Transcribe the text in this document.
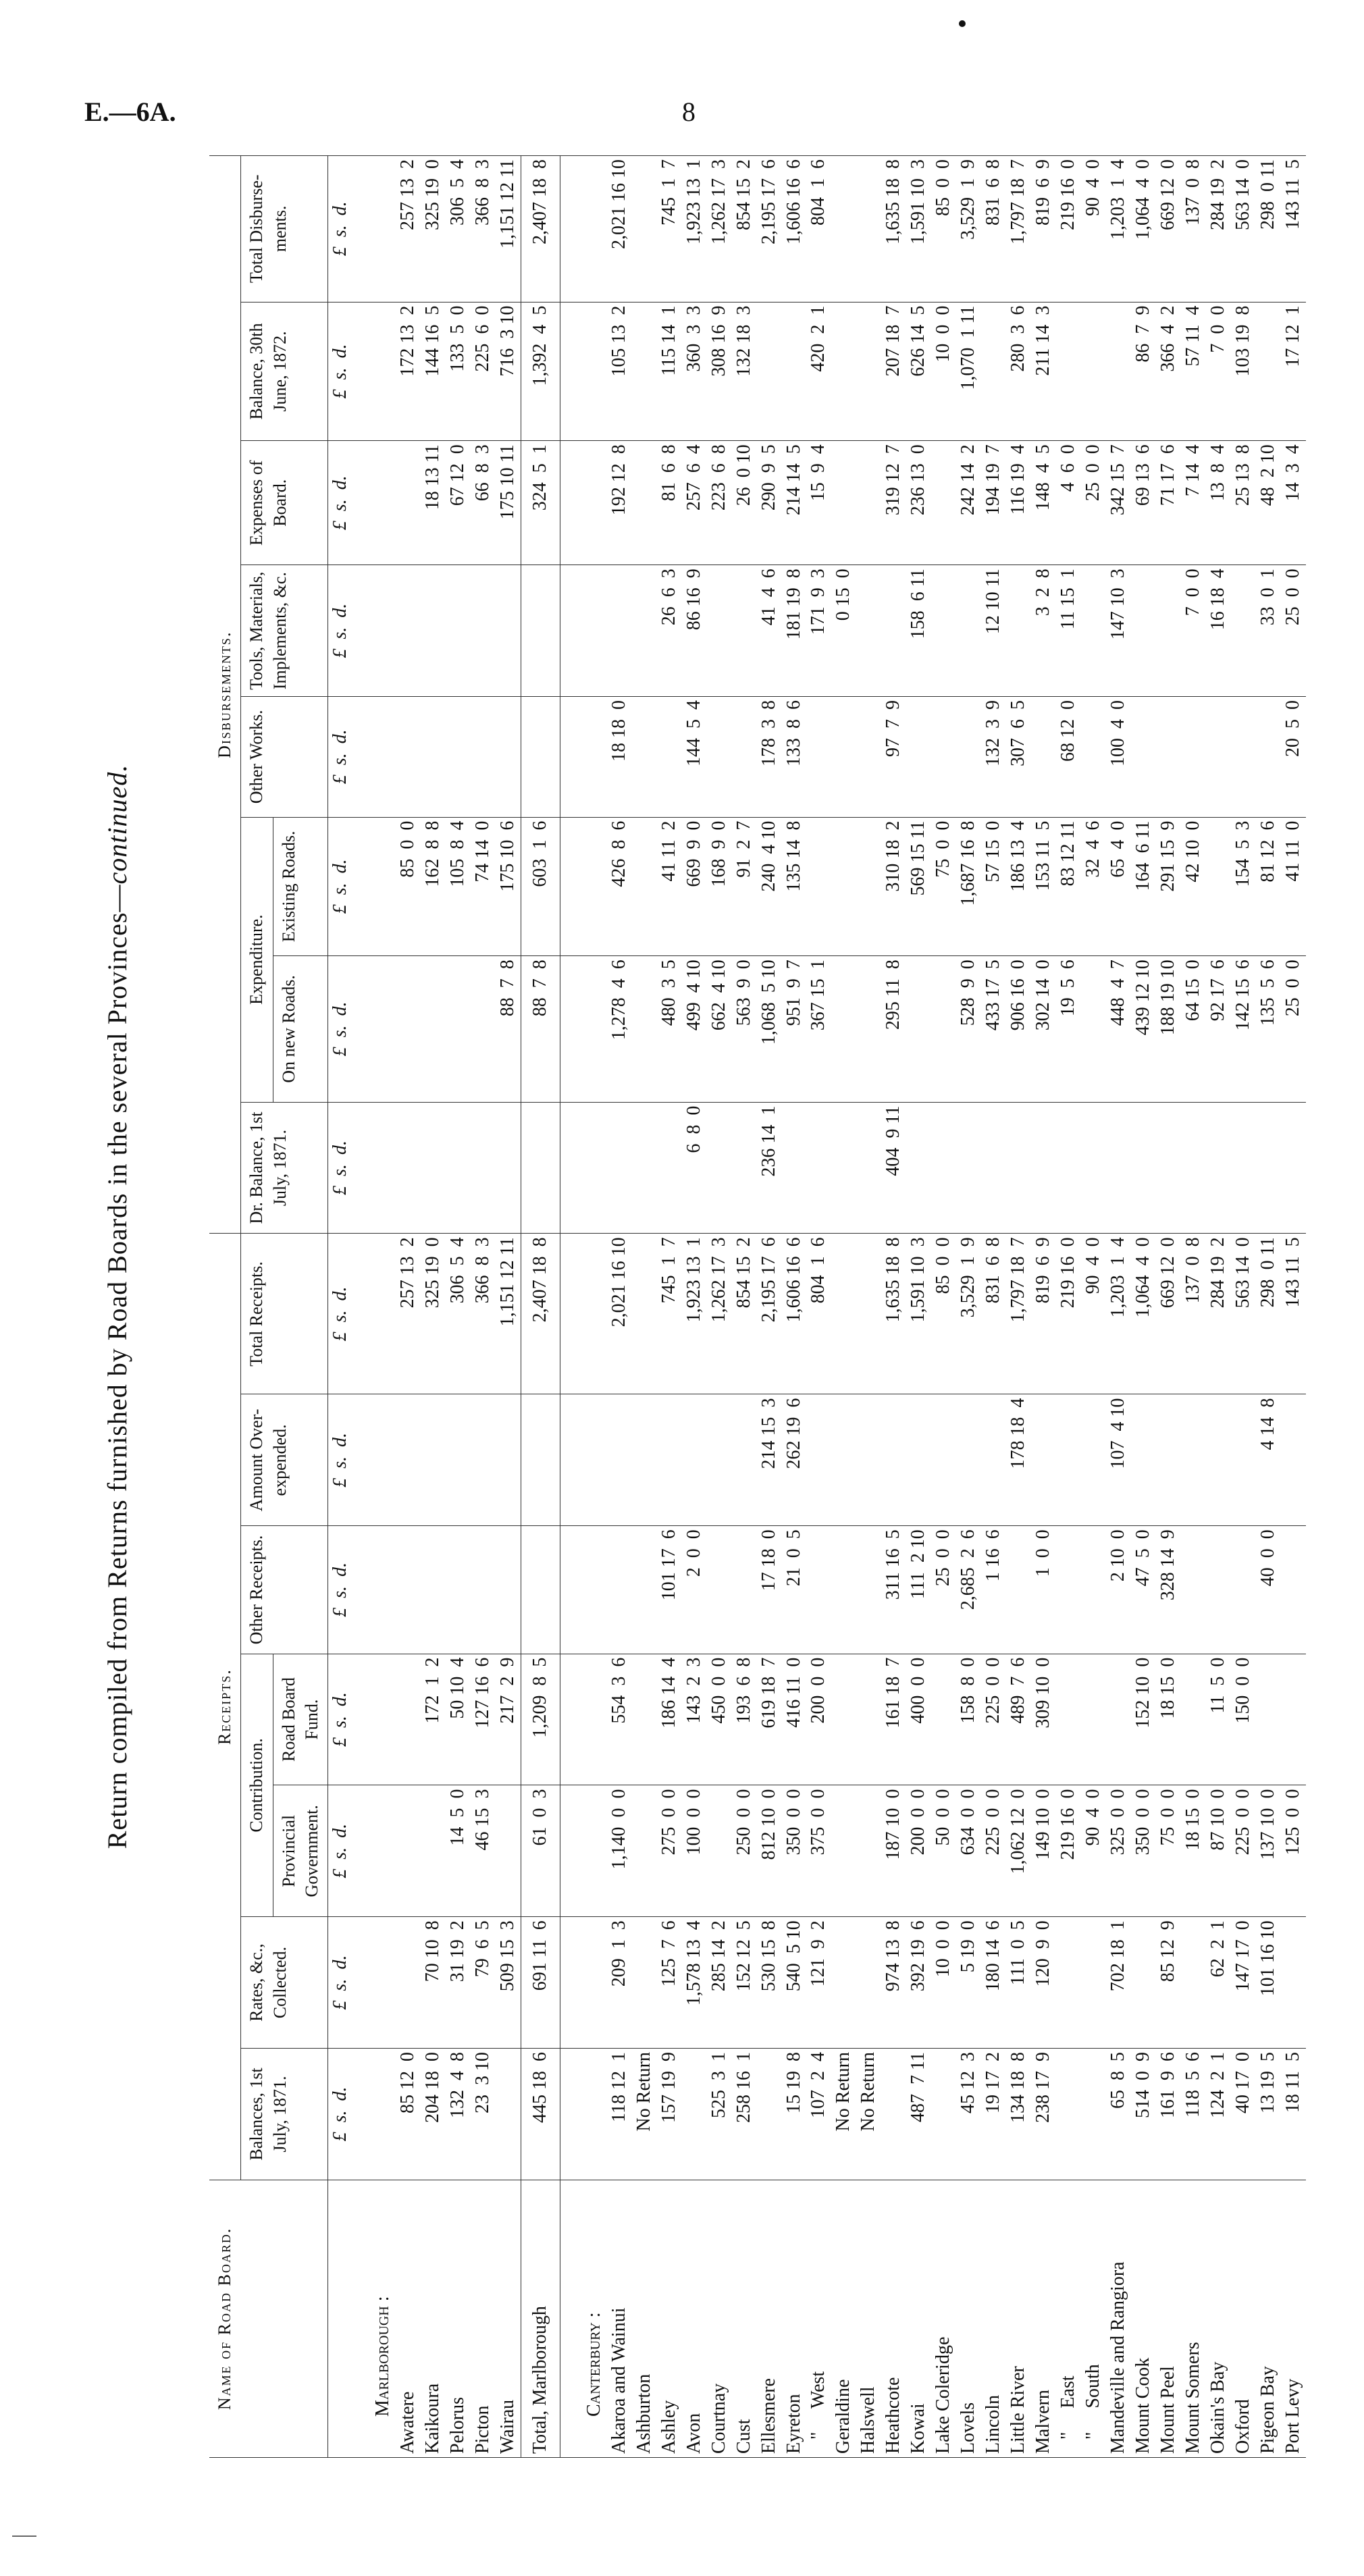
E.—6A.	8
Return compiled from Returns furnished by Road Boards in the several Provinces—continued.
Name of Road Board.	Receipts.							Disbursements.							
	Balances, 1st July, 1871.	Rates, &c., Collected.	Contribution.		Other Receipts.	Amount Over-expended.	Total Receipts.	Dr. Balance, 1st July, 1871.	Expenditure.		Other Works.	Tools, Materials, Implements, &c.	Expenses of Board.	Balance, 30th June, 1872.	Total Disburse-ments.
			Provincial Government.	Road Board Fund.					On new Roads.	Existing Roads.					
	£  s.  d.	£  s.  d.	£  s.  d.	£  s.  d.	£  s.  d.	£  s.  d.	£  s.  d.	£  s.  d.	£  s.  d.	£  s.  d.	£  s.  d.	£  s.  d.	£  s.  d.	£  s.  d.	£  s.  d.
Marlborough :															
Awatere	85 12  0						257 13  2			85  0  0				172 13  2	257 13  2
Kaikoura	204 18  0	70 10  8		172  1  2			325 19  0			162  8  8			18 13 11	144 16  5	325 19  0
Pelorus	132  4  8	31 19  2	14  5  0	50 10  4			306  5  4			105  8  4			67 12  0	133  5  0	306  5  4
Picton	23  3 10	79  6  5	46 15  3	127 16  6			366  8  3			74 14  0			66  8  3	225  6  0	366  8  3
Wairau		509 15  3		217  2  9			1,151 12 11		88  7  8	175 10  6			175 10 11	716  3 10	1,151 12 11
Total, Marlborough	445 18  6	691 11  6	61  0  3	1,209  8  5			2,407 18  8		88  7  8	603  1  6			324  5  1	1,392  4  5	2,407 18  8

Canterbury :															
Akaroa and Wainui	118 12  1	209  1  3	1,140  0  0	554  3  6			2,021 16 10		1,278  4  6	426  8  6	18 18  0		192 12  8	105 13  2	2,021 16 10
Ashburton	No Return														
Ashley	157 19  9	125  7  6	275  0  0	186 14  4	101 17  6		745  1  7		480  3  5	41 11  2		26  6  3	81  6  8	115 14  1	745  1  7
Avon		1,578 13  4	100  0  0	143  2  3	2  0  0		1,923 13  1	6  8  0	499  4 10	669  9  0	144  5  4	86 16  9	257  6  4	360  3  3	1,923 13  1
Courtnay	525  3  1	285 14  2		450  0  0			1,262 17  3		662  4 10	168  9  0			223  6  8	308 16  9	1,262 17  3
Cust	258 16  1	152 12  5	250  0  0	193  6  8			854 15  2		563  9  0	91  2  7			26  0 10	132 18  3	854 15  2
Ellesmere		530 15  8	812 10  0	619 18  7	17 18  0	214 15  3	2,195 17  6	236 14  1	1,068  5 10	240  4 10	178  3  8	41  4  6	290  9  5		2,195 17  6
Eyreton	15 19  8	540  5 10	350  0  0	416 11  0	21  0  5	262 19  6	1,606 16  6		951  9  7	135 14  8	133  8  6	181 19  8	214 14  5		1,606 16  6
"     West	107  2  4	121  9  2	375  0  0	200  0  0			804  1  6		367 15  1			171  9  3	15  9  4	420  2  1	804  1  6
Geraldine	No Return											0 15  0			
Halswell	No Return														
Heathcote		974 13  8	187 10  0	161 18  7	311 16  5		1,635 18  8	404  9 11	295 11  8	310 18  2	97  7  9		319 12  7	207 18  7	1,635 18  8
Kowai	487  7 11	392 19  6	200  0  0	400  0  0	111  2 10		1,591 10  3			569 15 11		158  6 11	236 13  0	626 14  5	1,591 10  3
Lake Coleridge		10  0  0	50  0  0		25  0  0		85  0  0			75  0  0				10  0  0	85  0  0
Lovels	45 12  3	5 19  0	634  0  0	158  8  0	2,685  2  6		3,529  1  9		528  9  0	1,687 16  8			242 14  2	1,070  1 11	3,529  1  9
Lincoln	19 17  2	180 14  6	225  0  0	225  0  0	1 16  6		831  6  8		433 17  5	57 15  0	132  3  9	12 10 11	194 19  7		831  6  8
Little River	134 18  8	111  0  5	1,062 12  0	489  7  6		178 18  4	1,797 18  7		906 16  0	186 13  4	307  6  5		116 19  4	280  3  6	1,797 18  7
Malvern	238 17  9	120  9  0	149 10  0	309 10  0	1  0  0		819  6  9		302 14  0	153 11  5		3  2  8	148  4  5	211 14  3	819  6  9
"     East			219 16  0				219 16  0		19  5  6	83 12 11	68 12  0	11 15  1	4  6  0		219 16  0
"     South			90  4  0				90  4  0			32  4  6			25  0  0		90  4  0
Mandeville and Rangiora	65  8  5	702 18  1	325  0  0		2 10  0	107  4 10	1,203  1  4		448  4  7	65  4  0	100  4  0	147 10  3	342 15  7		1,203  1  4
Mount Cook	514  0  9		350  0  0	152 10  0	47  5  0		1,064  4  0		439 12 10	164  6 11			69 13  6	86  7  9	1,064  4  0
Mount Peel	161  9  6	85 12  9	75  0  0	18 15  0	328 14  9		669 12  0		188 19 10	291 15  9			71 17  6	366  4  2	669 12  0
Mount Somers	118  5  6		18 15  0				137  0  8		64 15  0	42 10  0		7  0  0	7 14  4	57 11  4	137  0  8
Okain's Bay	124  2  1	62  2  1	87 10  0	11  5  0			284 19  2		92 17  6			16 18  4	13  8  4	7  0  0	284 19  2
Oxford	40 17  0	147 17  0	225  0  0	150  0  0			563 14  0		142 15  6	154  5  3			25 13  8	103 19  8	563 14  0
Pigeon Bay	13 19  5	101 16 10	137 10  0		40  0  0	4 14  8	298  0 11		135  5  6	81 12  6		33  0  1	48  2 10		298  0 11
Port Levy	18 11  5		125  0  0				143 11  5		25  0  0	41 11  0	20  5  0	25  0  0	14  3  4	17 12  1	143 11  5
